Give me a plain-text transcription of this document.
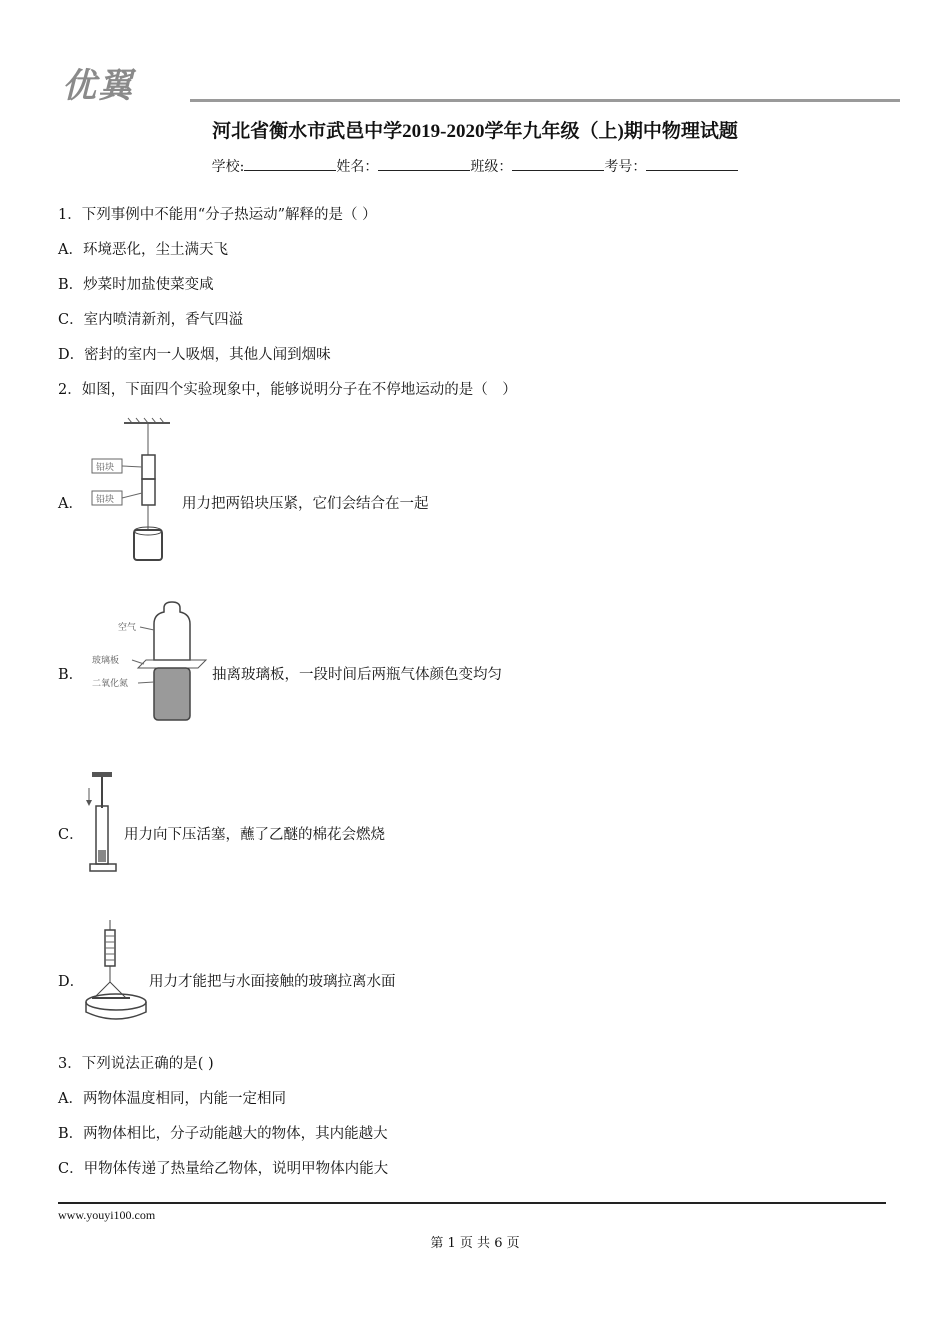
优翼
河北省衡水市武邑中学2019-2020学年九年级（上)期中物理试题
学校:	姓名：	班级：	考号：
1．下列事例中不能用“分子热运动”解释的是（ ）
A．环境恶化，尘土满天飞
B．炒菜时加盐使菜变咸
C．室内喷清新剂，香气四溢
D．密封的室内一人吸烟，其他人闻到烟味
2．如图，下面四个实验现象中，能够说明分子在不停地运动的是（　）
A．
铅块
铅块	用力把两铅块压紧，它们会结合在一起
B．
空气
玻璃板
二氧化氮
抽离玻璃板，一段时间后两瓶气体颜色变均匀
C．	用力向下压活塞，蘸了乙醚的棉花会燃烧
D．	用力才能把与水面接触的玻璃拉离水面
3．下列说法正确的是( )
A．两物体温度相同，内能一定相同
B．两物体相比，分子动能越大的物体，其内能越大
C．甲物体传递了热量给乙物体，说明甲物体内能大
www.youyi100.com
第 1 页 共 6 页
